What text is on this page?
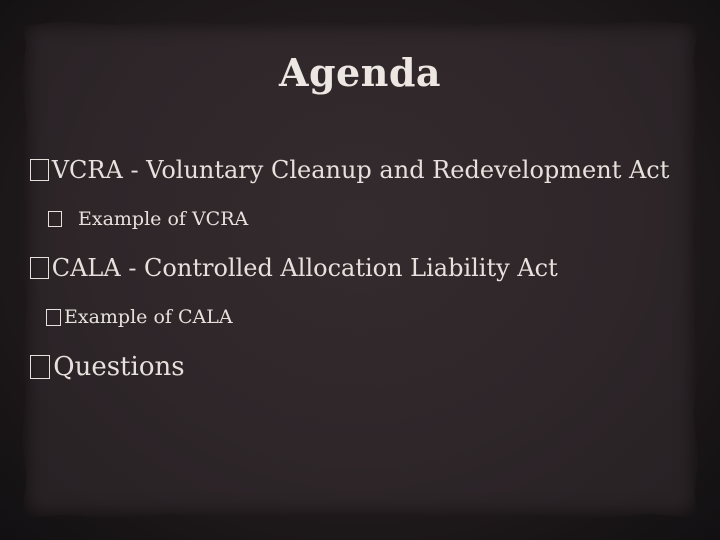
Agenda
VCRA - Voluntary Cleanup and Redevelopment Act
Example of VCRA
CALA - Controlled Allocation Liability Act
Example of CALA
Questions
